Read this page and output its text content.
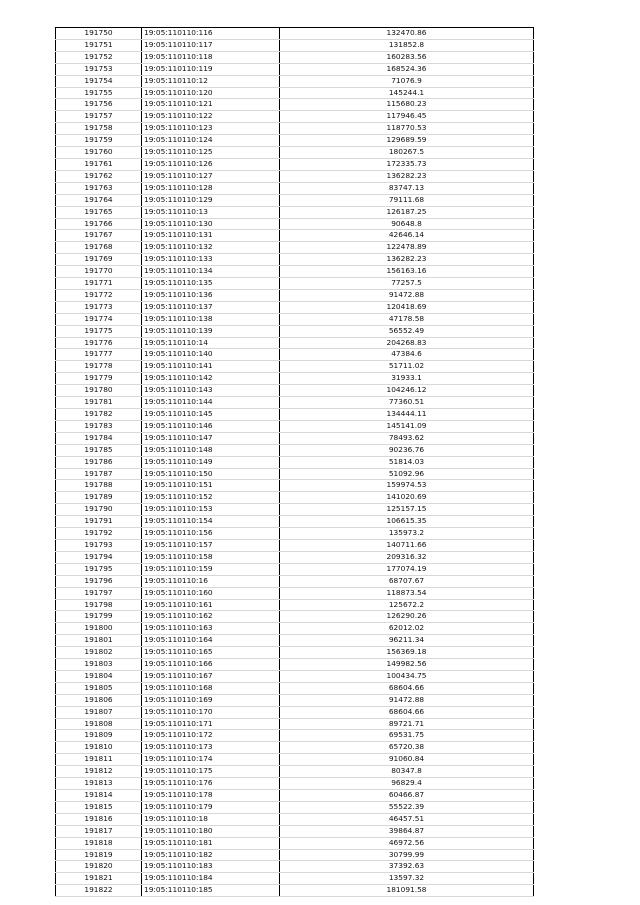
191750	19:05:110110:116	132470.86
191751	19:05:110110:117	131852.8
191752	19:05:110110:118	160283.56
191753	19:05:110110:119	168524.36
191754	19:05:110110:12	71076.9
191755	19:05:110110:120	145244.1
191756	19:05:110110:121	115680.23
191757	19:05:110110:122	117946.45
191758	19:05:110110:123	118770.53
191759	19:05:110110:124	129689.59
191760	19:05:110110:125	180267.5
191761	19:05:110110:126	172335.73
191762	19:05:110110:127	136282.23
191763	19:05:110110:128	83747.13
191764	19:05:110110:129	79111.68
191765	19:05:110110:13	126187.25
191766	19:05:110110:130	90648.8
191767	19:05:110110:131	42646.14
191768	19:05:110110:132	122478.89
191769	19:05:110110:133	136282.23
191770	19:05:110110:134	156163.16
191771	19:05:110110:135	77257.5
191772	19:05:110110:136	91472.88
191773	19:05:110110:137	120418.69
191774	19:05:110110:138	47178.58
191775	19:05:110110:139	56552.49
191776	19:05:110110:14	204268.83
191777	19:05:110110:140	47384.6
191778	19:05:110110:141	51711.02
191779	19:05:110110:142	31933.1
191780	19:05:110110:143	104246.12
191781	19:05:110110:144	77360.51
191782	19:05:110110:145	134444.11
191783	19:05:110110:146	145141.09
191784	19:05:110110:147	78493.62
191785	19:05:110110:148	90236.76
191786	19:05:110110:149	51814.03
191787	19:05:110110:150	51092.96
191788	19:05:110110:151	159974.53
191789	19:05:110110:152	141020.69
191790	19:05:110110:153	125157.15
191791	19:05:110110:154	106615.35
191792	19:05:110110:156	135973.2
191793	19:05:110110:157	140711.66
191794	19:05:110110:158	209316.32
191795	19:05:110110:159	177074.19
191796	19:05:110110:16	68707.67
191797	19:05:110110:160	118873.54
191798	19:05:110110:161	125672.2
191799	19:05:110110:162	126290.26
191800	19:05:110110:163	62012.02
191801	19:05:110110:164	96211.34
191802	19:05:110110:165	156369.18
191803	19:05:110110:166	149982.56
191804	19:05:110110:167	100434.75
191805	19:05:110110:168	68604.66
191806	19:05:110110:169	91472.88
191807	19:05:110110:170	68604.66
191808	19:05:110110:171	89721.71
191809	19:05:110110:172	69531.75
191810	19:05:110110:173	65720.38
191811	19:05:110110:174	91060.84
191812	19:05:110110:175	80347.8
191813	19:05:110110:176	96829.4
191814	19:05:110110:178	60466.87
191815	19:05:110110:179	55522.39
191816	19:05:110110:18	46457.51
191817	19:05:110110:180	39864.87
191818	19:05:110110:181	46972.56
191819	19:05:110110:182	30799.99
191820	19:05:110110:183	37392.63
191821	19:05:110110:184	13597.32
191822	19:05:110110:185	181091.58
